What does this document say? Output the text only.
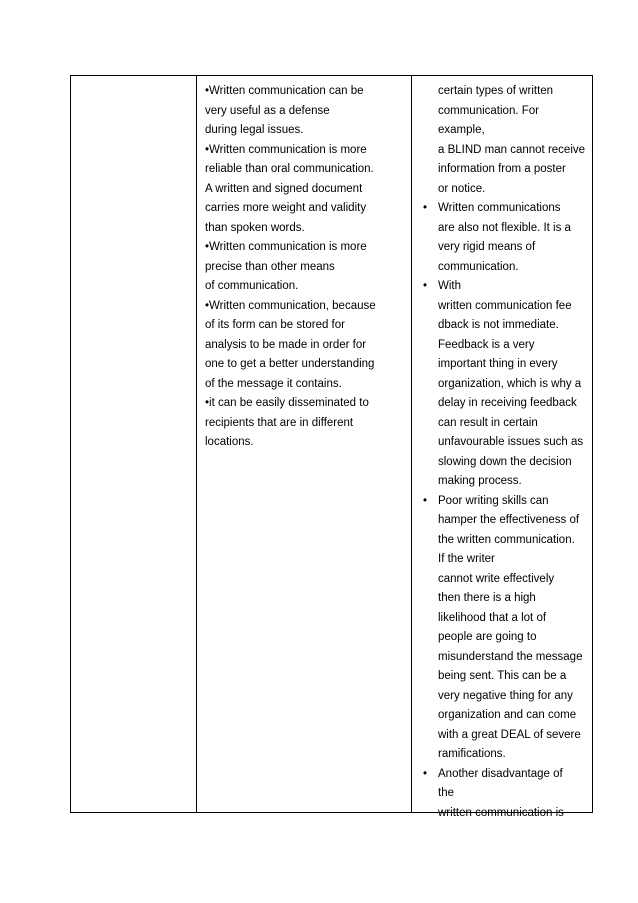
•Written communication can be
very useful as a defense
during legal issues.
•Written communication is more
reliable than oral communication.
A written and signed document
carries more weight and validity
than spoken words.
•Written communication is more
precise than other means
of communication.
•Written communication, because
of its form can be stored for
analysis to be made in order for
one to get a better understanding
of the message it contains.
•it can be easily disseminated to
recipients that are in different
locations.
certain types of written
communication. For
example,
a BLIND man cannot receive
information from a poster
or notice.
• Written communications
are also not flexible. It is a
very rigid means of
communication.
• With
written communication fee
dback is not immediate.
Feedback is a very
important thing in every
organization, which is why a
delay in receiving feedback
can result in certain
unfavourable issues such as
slowing down the decision
making process.
• Poor writing skills can
hamper the effectiveness of
the written communication.
If the writer
cannot write effectively
then there is a high
likelihood that a lot of
people are going to
misunderstand the message
being sent. This can be a
very negative thing for any
organization and can come
with a great DEAL of severe
ramifications.
• Another disadvantage of
the
written communication is
